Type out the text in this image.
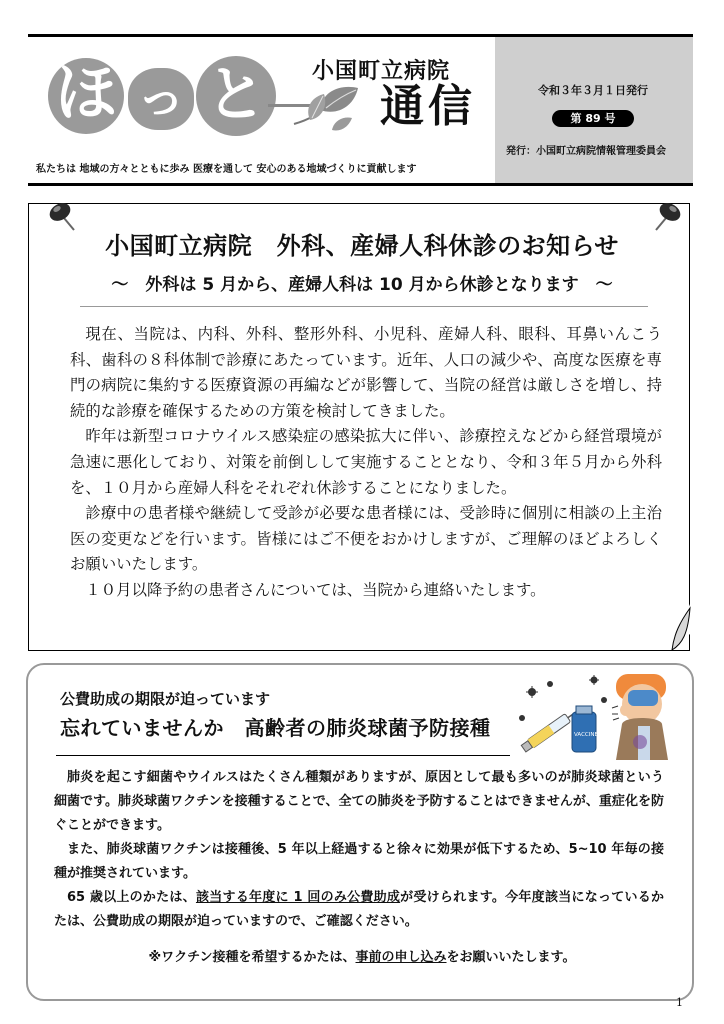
ほ っ と	小国町立病院
通信
私たちは 地域の方々とともに歩み 医療を通して 安心のある地域づくりに貢献します
令和３年３月１日発行
第 89 号
発行：小国町立病院情報管理委員会
小国町立病院　外科、産婦人科休診のお知らせ
～　外科は 5 月から、産婦人科は 10 月から休診となります　～

現在、当院は、内科、外科、整形外科、小児科、産婦人科、眼科、耳鼻いんこう科、歯科の８科体制で診療にあたっています。近年、人口の減少や、高度な医療を専門の病院に集約する医療資源の再編などが影響して、当院の経営は厳しさを増し、持続的な診療を確保するための方策を検討してきました。

昨年は新型コロナウイルス感染症の感染拡大に伴い、診療控えなどから経営環境が急速に悪化しており、対策を前倒しして実施することとなり、令和３年５月から外科を、１０月から産婦人科をそれぞれ休診することになりました。

診療中の患者様や継続して受診が必要な患者様には、受診時に個別に相談の上主治医の変更などを行います。皆様にはご不便をおかけしますが、ご理解のほどよろしくお願いいたします。

１０月以降予約の患者さんについては、当院から連絡いたします。

公費助成の期限が迫っています
忘れていませんか　高齢者の肺炎球菌予防接種	VACCINE

肺炎を起こす細菌やウイルスはたくさん種類がありますが、原因として最も多いのが肺炎球菌という細菌です。肺炎球菌ワクチンを接種することで、全ての肺炎を予防することはできませんが、重症化を防ぐことができます。

また、肺炎球菌ワクチンは接種後、5 年以上経過すると徐々に効果が低下するため、5~10 年毎の接種が推奨されています。

65 歳以上のかたは、該当する年度に 1 回のみ公費助成が受けられます。今年度該当になっているかたは、公費助成の期限が迫っていますので、ご確認ください。

※ワクチン接種を希望するかたは、事前の申し込みをお願いいたします。
1
